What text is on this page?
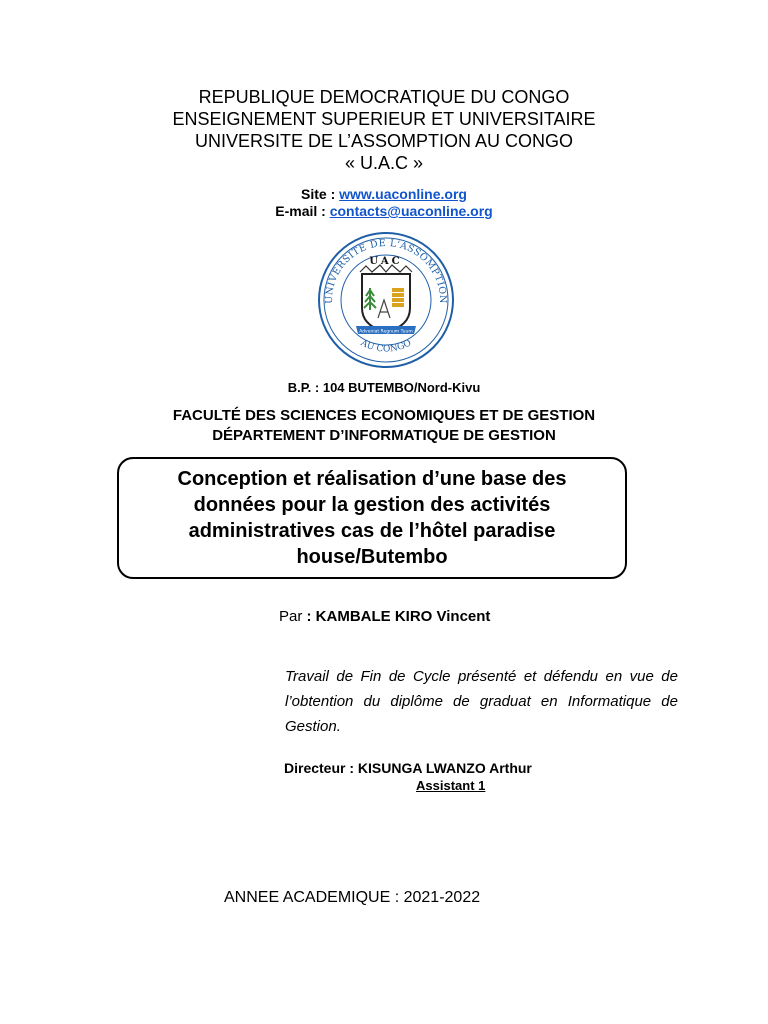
REPUBLIQUE DEMOCRATIQUE DU CONGO
ENSEIGNEMENT SUPERIEUR ET UNIVERSITAIRE
UNIVERSITE DE L’ASSOMPTION AU CONGO
« U.A.C »
Site : www.uaconline.org
E-mail : contacts@uaconline.org
UNIVERSITE DE L'ASSOMPTION
AU CONGO
UAC
Adveniat Regnum Tuum
B.P. : 104 BUTEMBO/Nord-Kivu
FACULTÉ DES SCIENCES ECONOMIQUES ET DE GESTION
DÉPARTEMENT D’INFORMATIQUE DE GESTION
Conception et réalisation d’une base des données pour la gestion des activités administratives cas de l’hôtel paradise house/Butembo
Par : KAMBALE KIRO Vincent
Travail de Fin de Cycle présenté et défendu en vue de l’obtention du diplôme de graduat en Informatique de Gestion.
Directeur : KISUNGA LWANZO Arthur
Assistant 1
ANNEE ACADEMIQUE : 2021-2022
